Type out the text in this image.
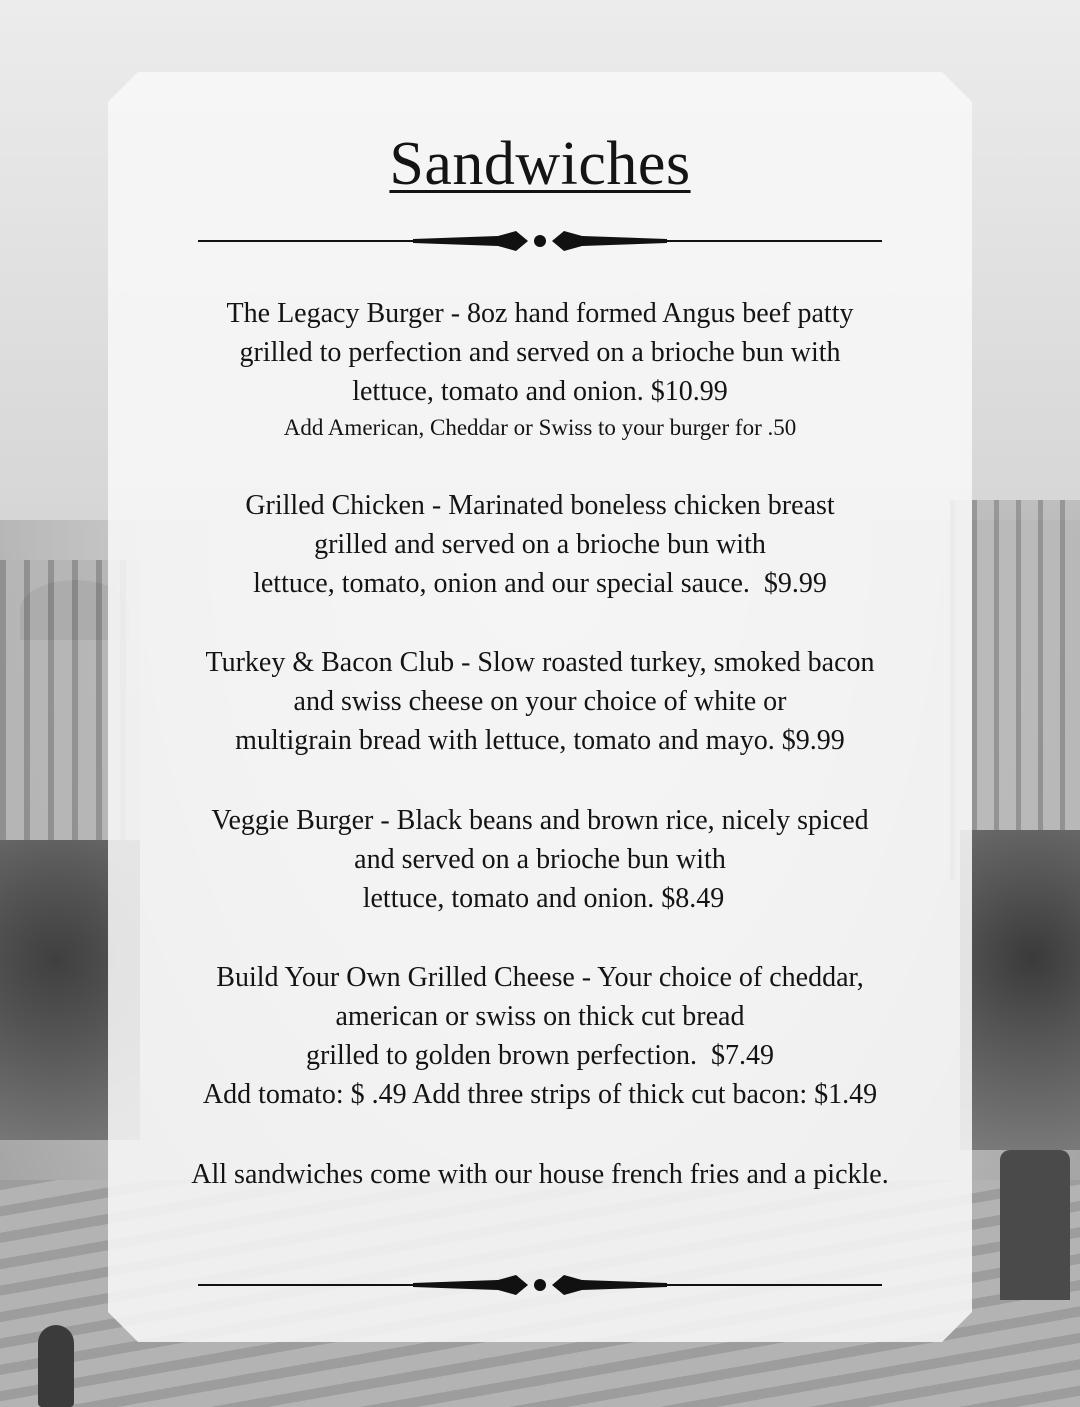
Sandwiches
The Legacy Burger - 8oz hand formed Angus beef patty
grilled to perfection and served on a brioche bun with
lettuce, tomato and onion. $10.99
Add American, Cheddar or Swiss to your burger for .50
Grilled Chicken - Marinated boneless chicken breast
grilled and served on a brioche bun with
lettuce, tomato, onion and our special sauce.  $9.99
Turkey & Bacon Club - Slow roasted turkey, smoked bacon
and swiss cheese on your choice of white or
multigrain bread with lettuce, tomato and mayo. $9.99
Veggie Burger - Black beans and brown rice, nicely spiced
and served on a brioche bun with
lettuce, tomato and onion. $8.49
Build Your Own Grilled Cheese - Your choice of cheddar,
american or swiss on thick cut bread
grilled to golden brown perfection.  $7.49
Add tomato: $ .49 Add three strips of thick cut bacon: $1.49
All sandwiches come with our house french fries and a pickle.
